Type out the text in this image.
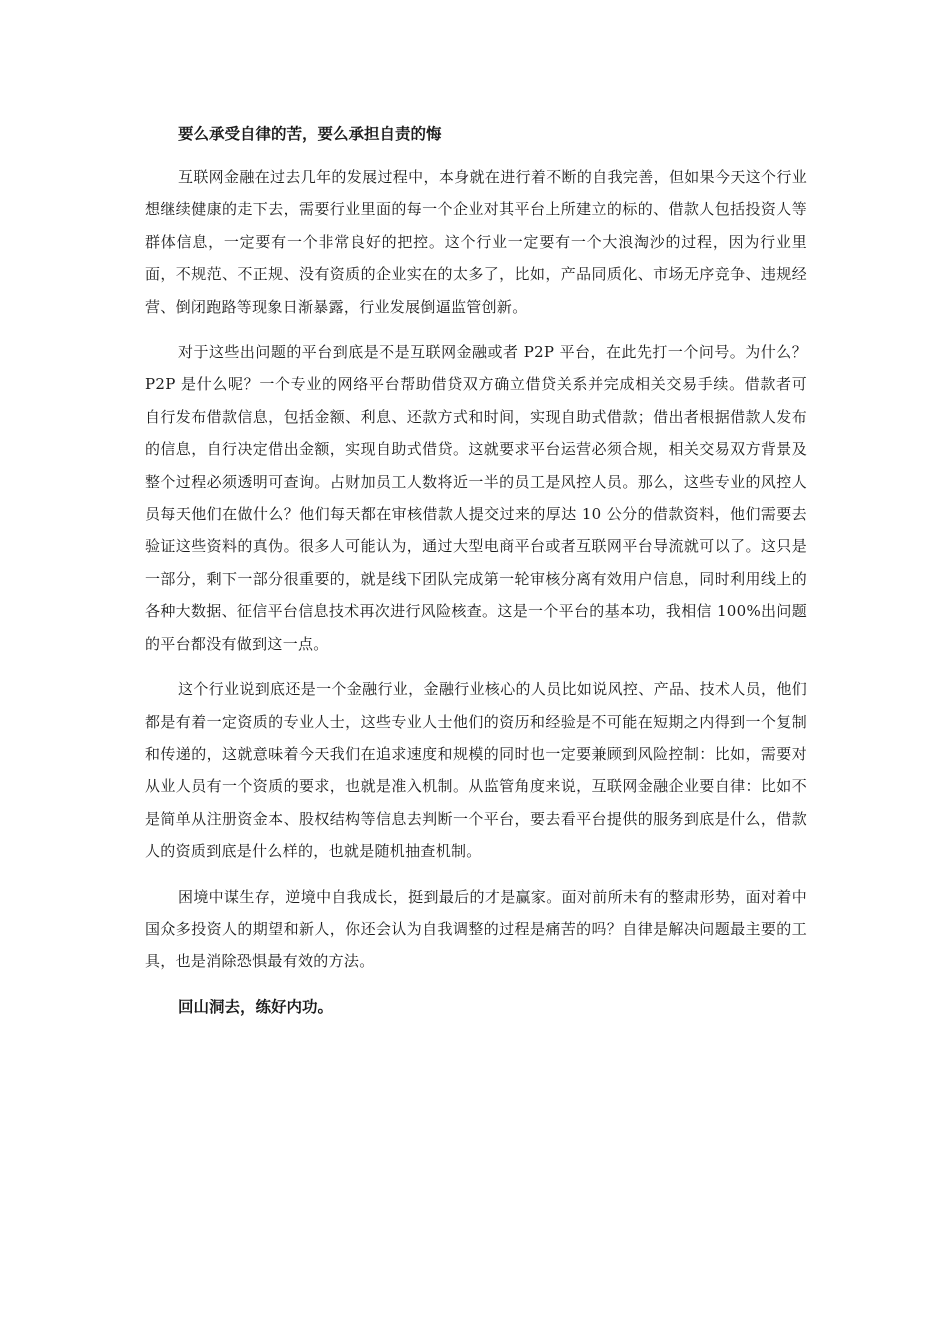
要么承受自律的苦，要么承担自责的悔

互联网金融在过去几年的发展过程中，本身就在进行着不断的自我完善，但如果今天这个行业想继续健康的走下去，需要行业里面的每一个企业对其平台上所建立的标的、借款人包括投资人等群体信息，一定要有一个非常良好的把控。这个行业一定要有一个大浪淘沙的过程，因为行业里面，不规范、不正规、没有资质的企业实在的太多了，比如，产品同质化、市场无序竞争、违规经营、倒闭跑路等现象日渐暴露，行业发展倒逼监管创新。

对于这些出问题的平台到底是不是互联网金融或者 P2P 平台，在此先打一个问号。为什么？P2P 是什么呢？一个专业的网络平台帮助借贷双方确立借贷关系并完成相关交易手续。借款者可自行发布借款信息，包括金额、利息、还款方式和时间，实现自助式借款；借出者根据借款人发布的信息，自行决定借出金额，实现自助式借贷。这就要求平台运营必须合规，相关交易双方背景及整个过程必须透明可查询。占财加员工人数将近一半的员工是风控人员。那么，这些专业的风控人员每天他们在做什么？他们每天都在审核借款人提交过来的厚达 10 公分的借款资料，他们需要去验证这些资料的真伪。很多人可能认为，通过大型电商平台或者互联网平台导流就可以了。这只是一部分，剩下一部分很重要的，就是线下团队完成第一轮审核分离有效用户信息，同时利用线上的各种大数据、征信平台信息技术再次进行风险核查。这是一个平台的基本功，我相信 100%出问题的平台都没有做到这一点。

这个行业说到底还是一个金融行业，金融行业核心的人员比如说风控、产品、技术人员，他们都是有着一定资质的专业人士，这些专业人士他们的资历和经验是不可能在短期之内得到一个复制和传递的，这就意味着今天我们在追求速度和规模的同时也一定要兼顾到风险控制：比如，需要对从业人员有一个资质的要求，也就是准入机制。从监管角度来说，互联网金融企业要自律：比如不是简单从注册资金本、股权结构等信息去判断一个平台，要去看平台提供的服务到底是什么，借款人的资质到底是什么样的，也就是随机抽查机制。

困境中谋生存，逆境中自我成长，挺到最后的才是赢家。面对前所未有的整肃形势，面对着中国众多投资人的期望和新人，你还会认为自我调整的过程是痛苦的吗？自律是解决问题最主要的工具，也是消除恐惧最有效的方法。

回山洞去，练好内功。
